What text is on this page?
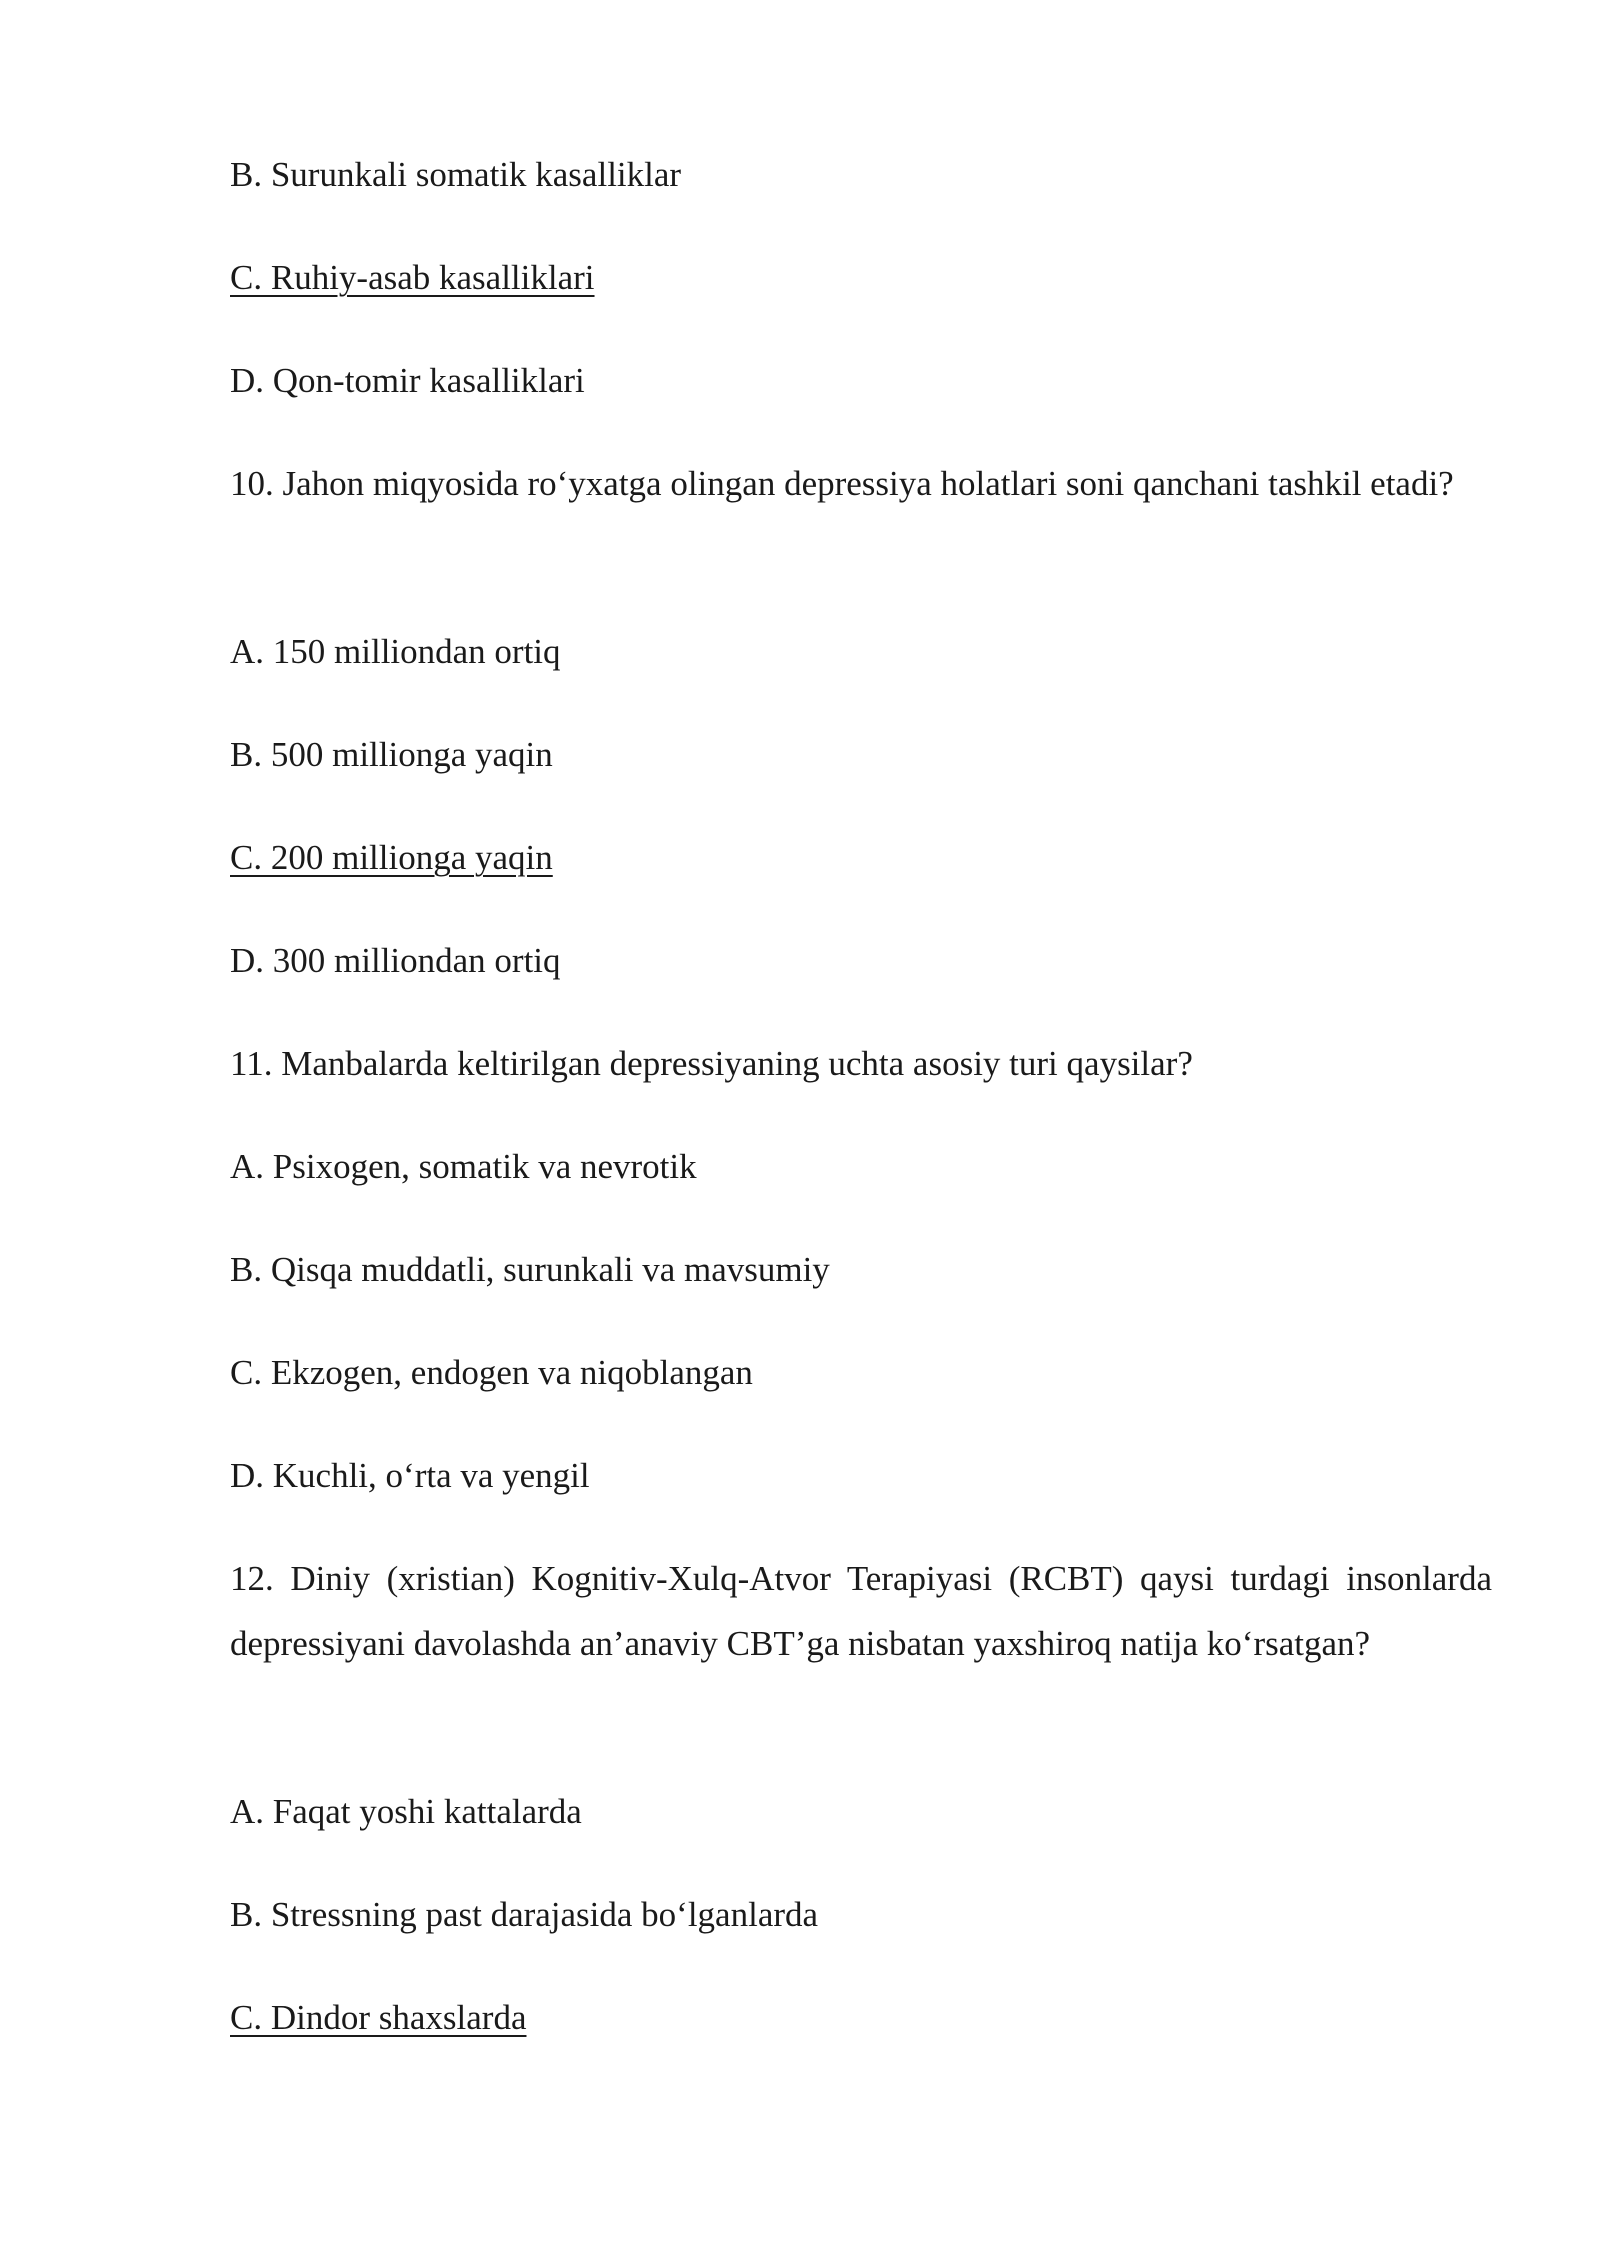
B. Surunkali somatik kasalliklar
C. Ruhiy-asab kasalliklari
D. Qon-tomir kasalliklari
10. Jahon miqyosida ro‘yxatga olingan depressiya holatlari soni qanchani tashkil etadi?
A. 150 milliondan ortiq
B. 500 millionga yaqin
C. 200 millionga yaqin
D. 300 milliondan ortiq
11. Manbalarda keltirilgan depressiyaning uchta asosiy turi qaysilar?
A. Psixogen, somatik va nevrotik
B. Qisqa muddatli, surunkali va mavsumiy
C. Ekzogen, endogen va niqoblangan
D. Kuchli, o‘rta va yengil
12. Diniy (xristian) Kognitiv-Xulq-Atvor Terapiyasi (RCBT) qaysi turdagi insonlarda depressiyani davolashda an’anaviy CBT’ga nisbatan yaxshiroq natija ko‘rsatgan?
A. Faqat yoshi kattalarda
B. Stressning past darajasida bo‘lganlarda
C. Dindor shaxslarda
